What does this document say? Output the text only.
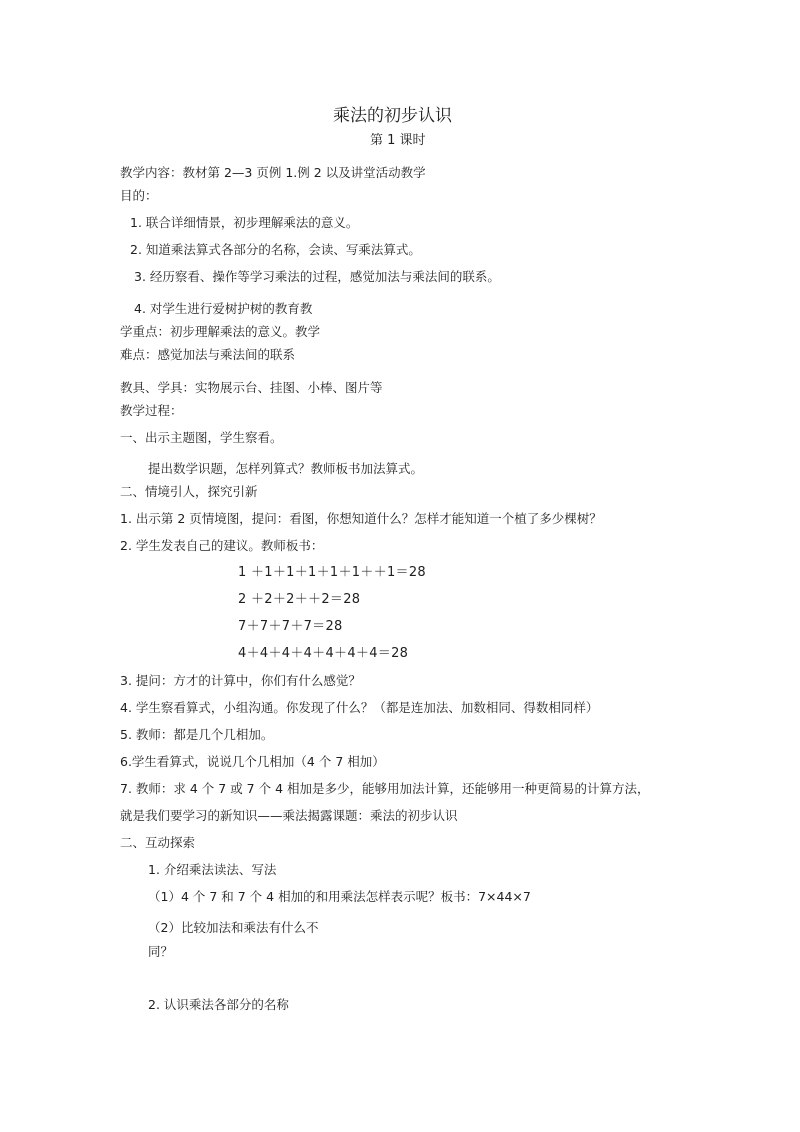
乘法的初步认识
第 1 课时
教学内容：教材第 2—3 页例 1.例 2 以及讲堂活动教学
目的：
1. 联合详细情景，初步理解乘法的意义。
2. 知道乘法算式各部分的名称，会读、写乘法算式。
3. 经历察看、操作等学习乘法的过程，感觉加法与乘法间的联系。
4. 对学生进行爱树护树的教育教
学重点：初步理解乘法的意义。教学
难点：感觉加法与乘法间的联系
教具、学具：实物展示台、挂图、小棒、图片等
教学过程：
一、出示主题图，学生察看。
提出数学识题，怎样列算式？教师板书加法算式。
二、情境引人，探究引新
1. 出示第 2 页情境图，提问：看图，你想知道什么？怎样才能知道一个植了多少棵树？
2. 学生发表自己的建议。教师板书：
1 ＋1＋1＋1＋1＋1＋＋1＝28
2 ＋2＋2＋＋2＝28
7＋7＋7＋7＝28
4＋4＋4＋4＋4＋4＋4＝28
3. 提问：方才的计算中，你们有什么感觉？
4. 学生察看算式，小组沟通。你发现了什么？（都是连加法、加数相同、得数相同样）
5. 教师：都是几个几相加。
6.学生看算式，说说几个几相加（4 个 7 相加）
7. 教师：求 4 个 7 或 7 个 4 相加是多少，能够用加法计算，还能够用一种更简易的计算方法，
就是我们要学习的新知识——乘法揭露课题：乘法的初步认识
二、互动探索
1. 介绍乘法读法、写法
（1）4 个 7 和 7 个 4 相加的和用乘法怎样表示呢？板书：7×44×7
（2）比较加法和乘法有什么不
同？
2. 认识乘法各部分的名称
